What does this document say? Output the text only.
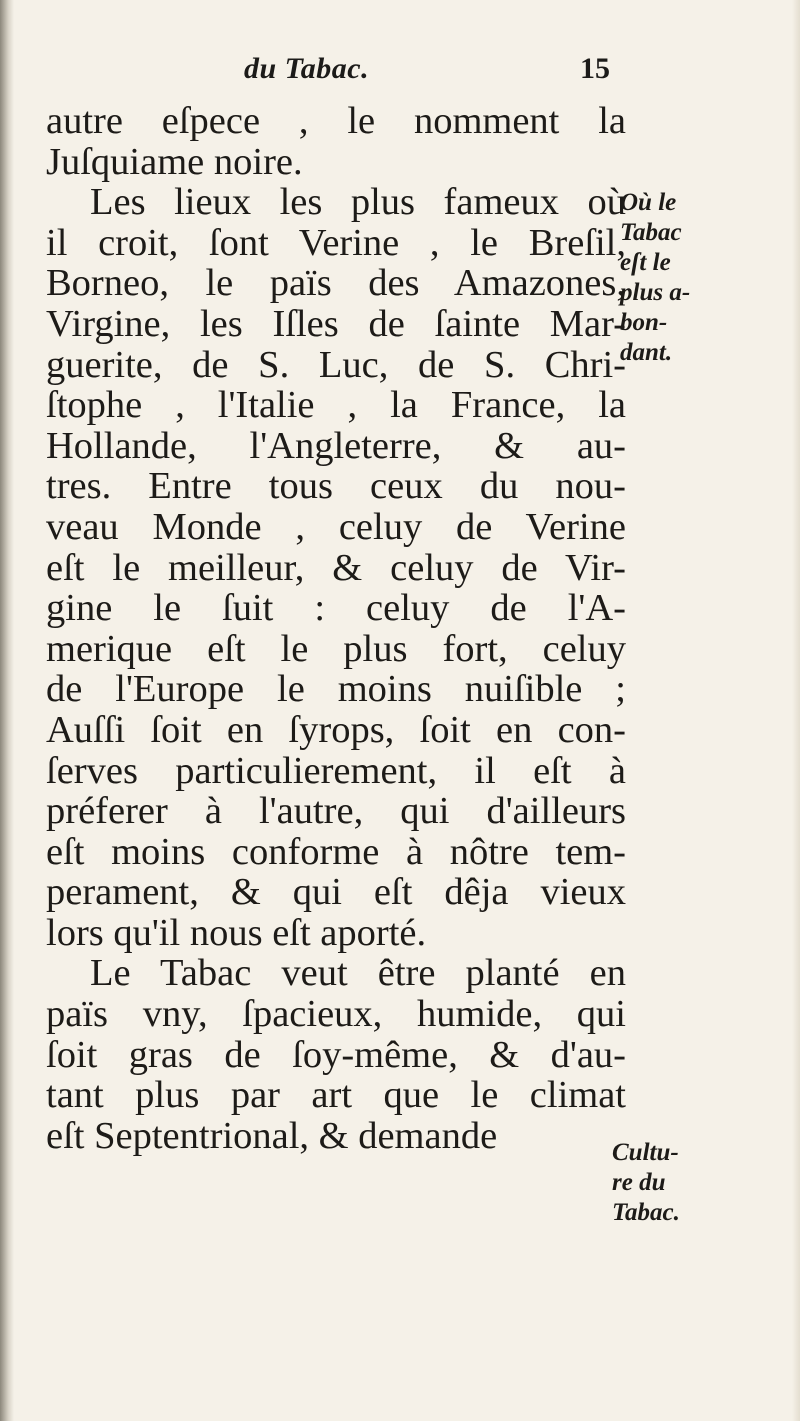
du Tabac.	15
autre eſpece , le nomment la
Juſquiame noire.
Les lieux les plus fameux où
il croit, ſont Verine , le Breſil,
Borneo, le païs des Amazones,
Virgine, les Iſles de ſainte Mar-
guerite, de S. Luc, de S. Chri-
ſtophe , l'Italie , la France, la
Hollande, l'Angleterre, & au-
tres. Entre tous ceux du nou-
veau Monde , celuy de Verine
eſt le meilleur, & celuy de Vir-
gine le ſuit : celuy de l'A-
merique eſt le plus fort, celuy
de l'Europe le moins nuiſible ;
Auſſi ſoit en ſyrops, ſoit en con-
ſerves particulierement, il eſt à
préferer à l'autre, qui d'ailleurs
eſt moins conforme à nôtre tem-
perament, & qui eſt dêja vieux
lors qu'il nous eſt aporté.
Le Tabac veut être planté en
païs vny, ſpacieux, humide, qui
ſoit gras de ſoy-même, & d'au-
tant plus par art que le climat
eſt Septentrional, & demande
Où le
Tabac
eſt le
plus a-
bon-
dant.
Cultu-
re du
Tabac.
